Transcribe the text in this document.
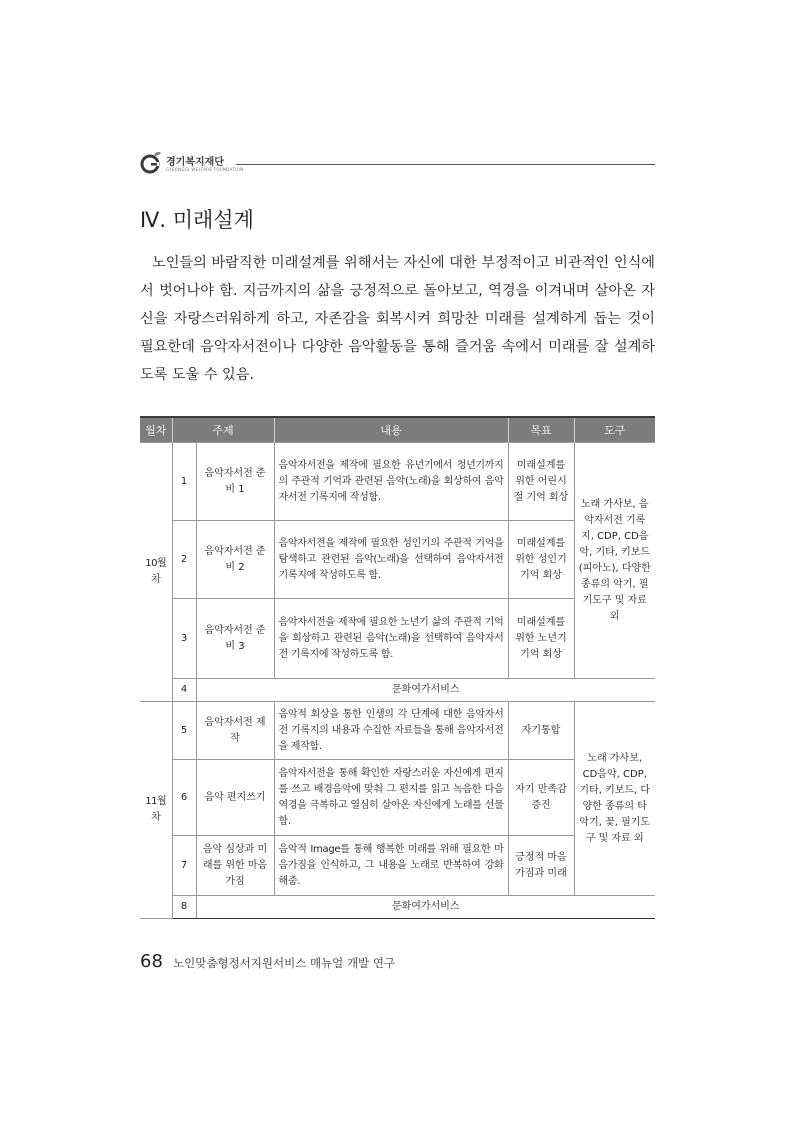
경기복지재단
GYEONGGI WELFARE FOUNDATION
Ⅳ. 미래설계

노인들의 바람직한 미래설계를 위해서는 자신에 대한 부정적이고 비관적인 인식에서 벗어나야 함. 지금까지의 삶을 긍정적으로 돌아보고, 역경을 이겨내며 살아온 자신을 자랑스러워하게 하고, 자존감을 회복시켜 희망찬 미래를 설계하게 돕는 것이 필요한데 음악자서전이나 다양한 음악활동을 통해 즐거움 속에서 미래를 잘 설계하도록 도울 수 있음.

월차	주제		내용	목표	도구
10월차	1	음악자서전 준비 1	음악자서전을 제작에 필요한 유년기에서 청년기까지의 주관적 기억과 관련된 음악(노래)을 회상하여 음악자서전 기록지에 작성함.	미래설계를 위한 어린시절 기억 회상	노래 가사보, 음악자서전 기록지, CDP, CD음악, 기타, 키보드 (피아노), 다양한 종류의 악기, 필기도구 및 자료 외
	2	음악자서전 준비 2	음악자서전을 제작에 필요한 성인기의 주관적 기억을 탐색하고 관련된 음악(노래)을 선택하여 음악자서전 기록지에 작성하도록 함.	미래설계를 위한 성인기 기억 회상	
	3	음악자서전 준비 3	음악자서전을 제작에 필요한 노년기 삶의 주관적 기억을 회상하고 관련된 음악(노래)을 선택하여 음악자서전 기록지에 작성하도록 함.	미래설계를 위한 노년기 기억 회상	
	4	문화여가서비스			
11월차	5	음악자서전 제작	음악적 회상을 통한 인생의 각 단계에 대한 음악자서전 기록지의 내용과 수집한 자료들을 통해 음악자서전을 제작함.	자기통합	노래 가사보, CD음악, CDP, 기타, 키보드, 다양한 종류의 타악기, 꽃, 필기도구 및 자료 외
	6	음악 편지쓰기	음악자서전을 통해 확인한 자랑스러운 자신에게 편지를 쓰고 배경음악에 맞춰 그 편지를 읽고 녹음한 다음 역경을 극복하고 열심히 살아온 자신에게 노래를 선물함.	자기 만족감 증진	
	7	음악 심상과 미래를 위한 마음가짐	음악적 Image를 통해 행복한 미래를 위해 필요한 마음가짐을 인식하고, 그 내용을 노래로 반복하여 강화해줌.	긍정적 마음가짐과 미래	
	8	문화여가서비스			
68 노인맞춤형정서지원서비스 매뉴얼 개발 연구
